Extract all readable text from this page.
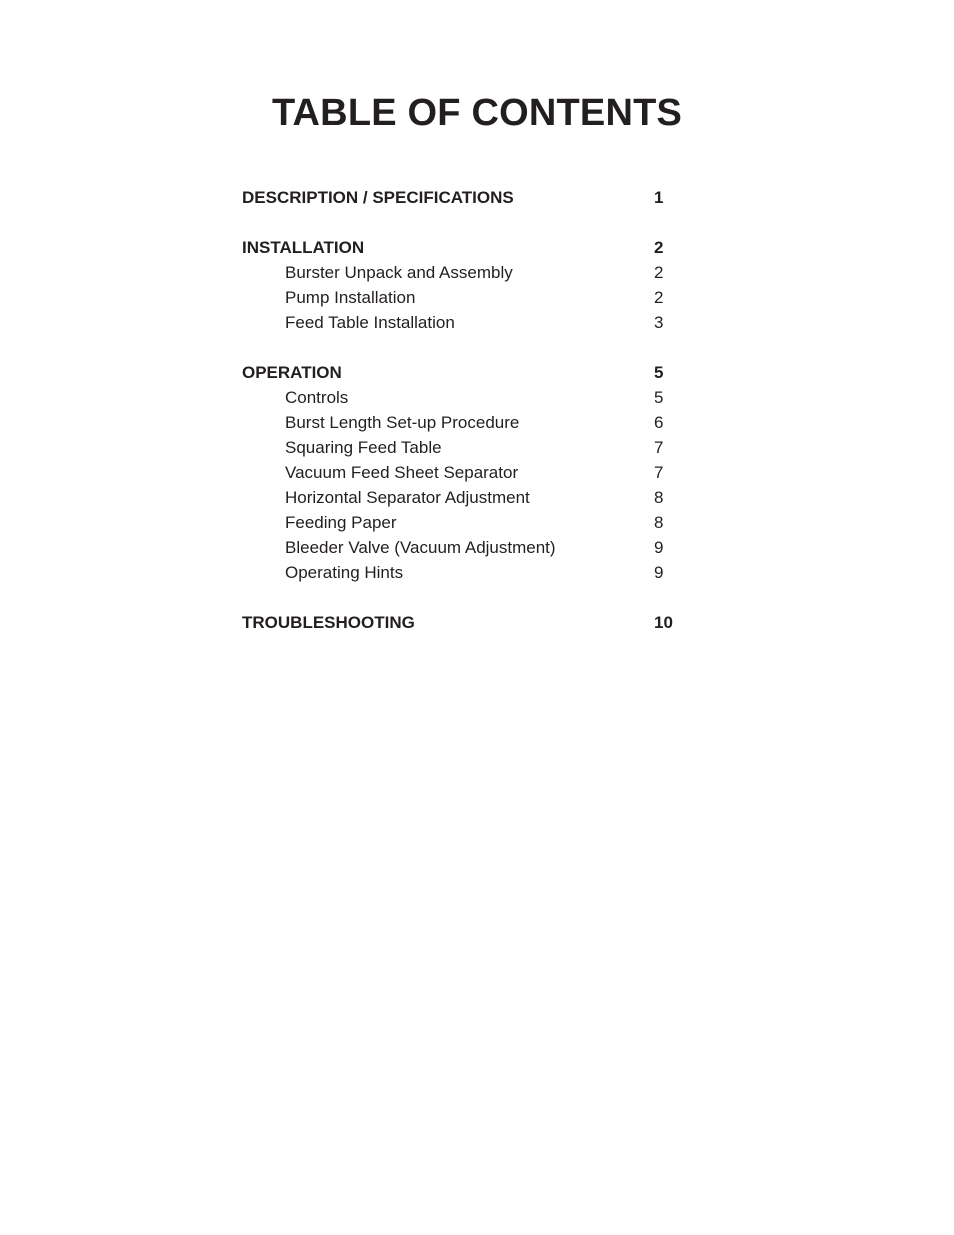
TABLE OF CONTENTS
DESCRIPTION / SPECIFICATIONS	1
INSTALLATION	2
Burster Unpack and Assembly	2
Pump Installation	2
Feed Table Installation	3
OPERATION	5
Controls	5
Burst Length Set-up Procedure	6
Squaring Feed Table	7
Vacuum Feed Sheet Separator	7
Horizontal Separator Adjustment	8
Feeding Paper	8
Bleeder Valve (Vacuum Adjustment)	9
Operating Hints	9
TROUBLESHOOTING	10
